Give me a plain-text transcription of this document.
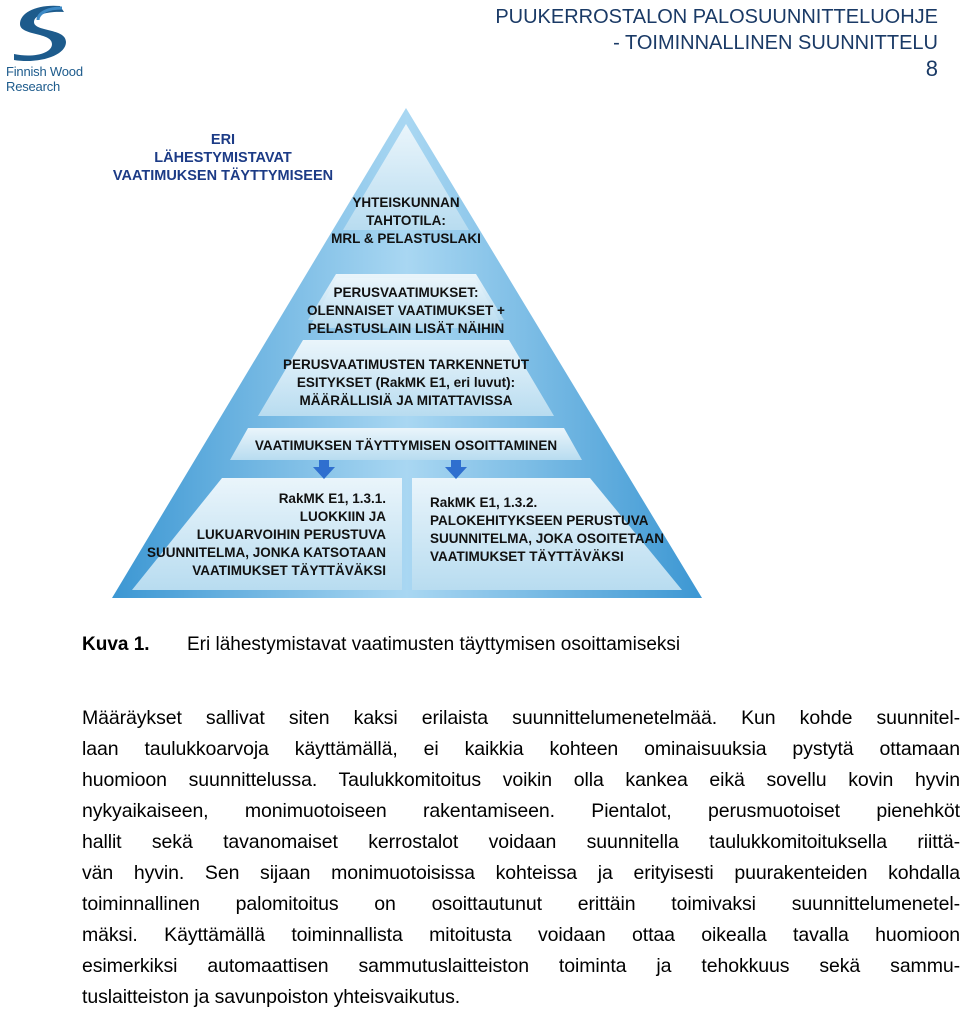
Finnish Wood
Research
PUUKERROSTALON PALOSUUNNITTELUOHJE
- TOIMINNALLINEN SUUNNITTELU
8
ERI
LÄHESTYMISTAVAT
VAATIMUKSEN TÄYTTYMISEEN
YHTEISKUNNAN
TAHTOTILA:
MRL & PELASTUSLAKI
PERUSVAATIMUKSET:
OLENNAISET VAATIMUKSET +
PELASTUSLAIN LISÄT NÄIHIN
PERUSVAATIMUSTEN TARKENNETUT
ESITYKSET (RakMK E1, eri luvut):
MÄÄRÄLLISIÄ JA MITATTAVISSA
VAATIMUKSEN TÄYTTYMISEN OSOITTAMINEN
RakMK E1, 1.3.1.
LUOKKIIN JA
LUKUARVOIHIN PERUSTUVA
SUUNNITELMA, JONKA KATSOTAAN
VAATIMUKSET TÄYTTÄVÄKSI
RakMK E1, 1.3.2.
PALOKEHITYKSEEN PERUSTUVA
SUUNNITELMA, JOKA OSOITETAAN
VAATIMUKSET TÄYTTÄVÄKSI
Kuva 1. Eri lähestymistavat vaatimusten täyttymisen osoittamiseksi
Määräykset sallivat siten kaksi erilaista suunnittelumenetelmää. Kun kohde suunnitel-
laan taulukkoarvoja käyttämällä, ei kaikkia kohteen ominaisuuksia pystytä ottamaan
huomioon suunnittelussa. Taulukkomitoitus voikin olla kankea eikä sovellu kovin hyvin
nykyaikaiseen, monimuotoiseen rakentamiseen. Pientalot, perusmuotoiset pienehköt
hallit sekä tavanomaiset kerrostalot voidaan suunnitella taulukkomitoituksella riittä-
vän hyvin. Sen sijaan monimuotoisissa kohteissa ja erityisesti puurakenteiden kohdalla
toiminnallinen palomitoitus on osoittautunut erittäin toimivaksi suunnittelumenetel-
mäksi. Käyttämällä toiminnallista mitoitusta voidaan ottaa oikealla tavalla huomioon
esimerkiksi automaattisen sammutuslaitteiston toiminta ja tehokkuus sekä sammu-
tuslaitteiston ja savunpoiston yhteisvaikutus.
